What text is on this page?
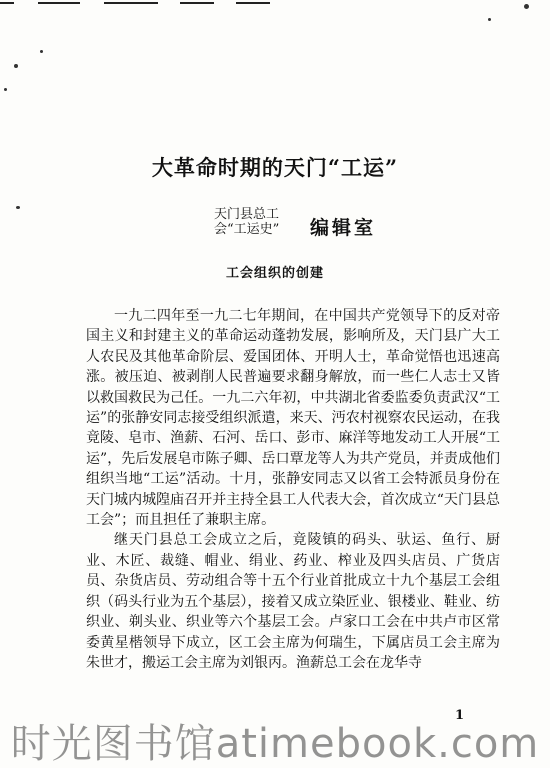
大革命时期的天门“工运”
天门县总工
会“工运史”	编辑室
工会组织的创建

一九二四年至一九二七年期间，在中国共产党领导下的反对帝国主义和封建主义的革命运动蓬勃发展，影响所及，天门县广大工人农民及其他革命阶层、爱国团体、开明人士，革命觉悟也迅速高涨。被压迫、被剥削人民普遍要求翻身解放，而一些仁人志士又皆以救国救民为己任。一九二六年初，中共湖北省委监委负责武汉“工运”的张静安同志接受组织派遣，来天、沔农村视察农民运动，在我竟陵、皂市、渔薪、石河、岳口、彭市、麻洋等地发动工人开展“工运”，先后发展皂市陈子卿、岳口覃龙等人为共产党员，并责成他们组织当地“工运”活动。十月，张静安同志又以省工会特派员身份在天门城内城隍庙召开并主持全县工人代表大会，首次成立“天门县总工会”；而且担任了兼职主席。

继天门县总工会成立之后，竟陵镇的码头、驮运、鱼行、厨业、木匠、裁缝、帽业、绢业、药业、榨业及四头店员、广货店员、杂货店员、劳动组合等十五个行业首批成立十九个基层工会组织（码头行业为五个基层），接着又成立染匠业、银楼业、鞋业、纺织业、剃头业、织业等六个基层工会。卢家口工会在中共卢市区常委黄星楷领导下成立，区工会主席为何瑞生，下属店员工会主席为朱世才，搬运工会主席为刘银丙。渔薪总工会在龙华寺

1
时光图书馆atimebook.com
